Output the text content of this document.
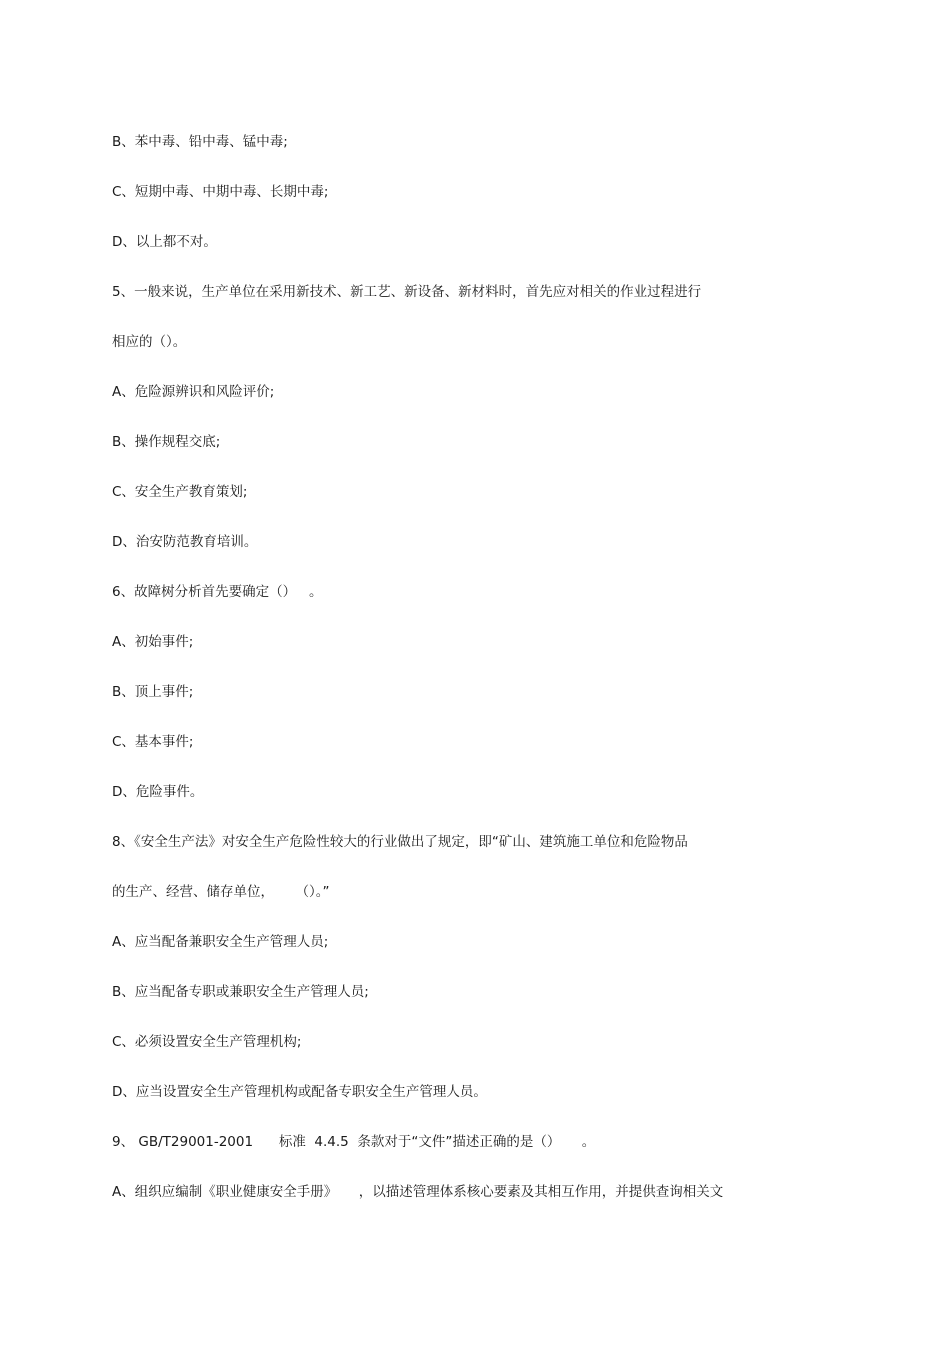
B、苯中毒、铅中毒、锰中毒;
C、短期中毒、中期中毒、长期中毒;
D、以上都不对。
5、一般来说，生产单位在采用新技术、新工艺、新设备、新材料时，首先应对相关的作业过程进行
相应的（）。
A、危险源辨识和风险评价;
B、操作规程交底;
C、安全生产教育策划;
D、治安防范教育培训。
6、故障树分析首先要确定（）   。
A、初始事件;
B、顶上事件;
C、基本事件;
D、危险事件。
8、《安全生产法》对安全生产危险性较大的行业做出了规定，即“矿山、建筑施工单位和危险物品
的生产、经营、储存单位，     （）。”
A、应当配备兼职安全生产管理人员;
B、应当配备专职或兼职安全生产管理人员;
C、必须设置安全生产管理机构;
D、应当设置安全生产管理机构或配备专职安全生产管理人员。
9、 GB/T29001-2001      标准  4.4.5  条款对于“文件”描述正确的是（）     。
A、组织应编制《职业健康安全手册》     ，以描述管理体系核心要素及其相互作用，并提供查询相关文
